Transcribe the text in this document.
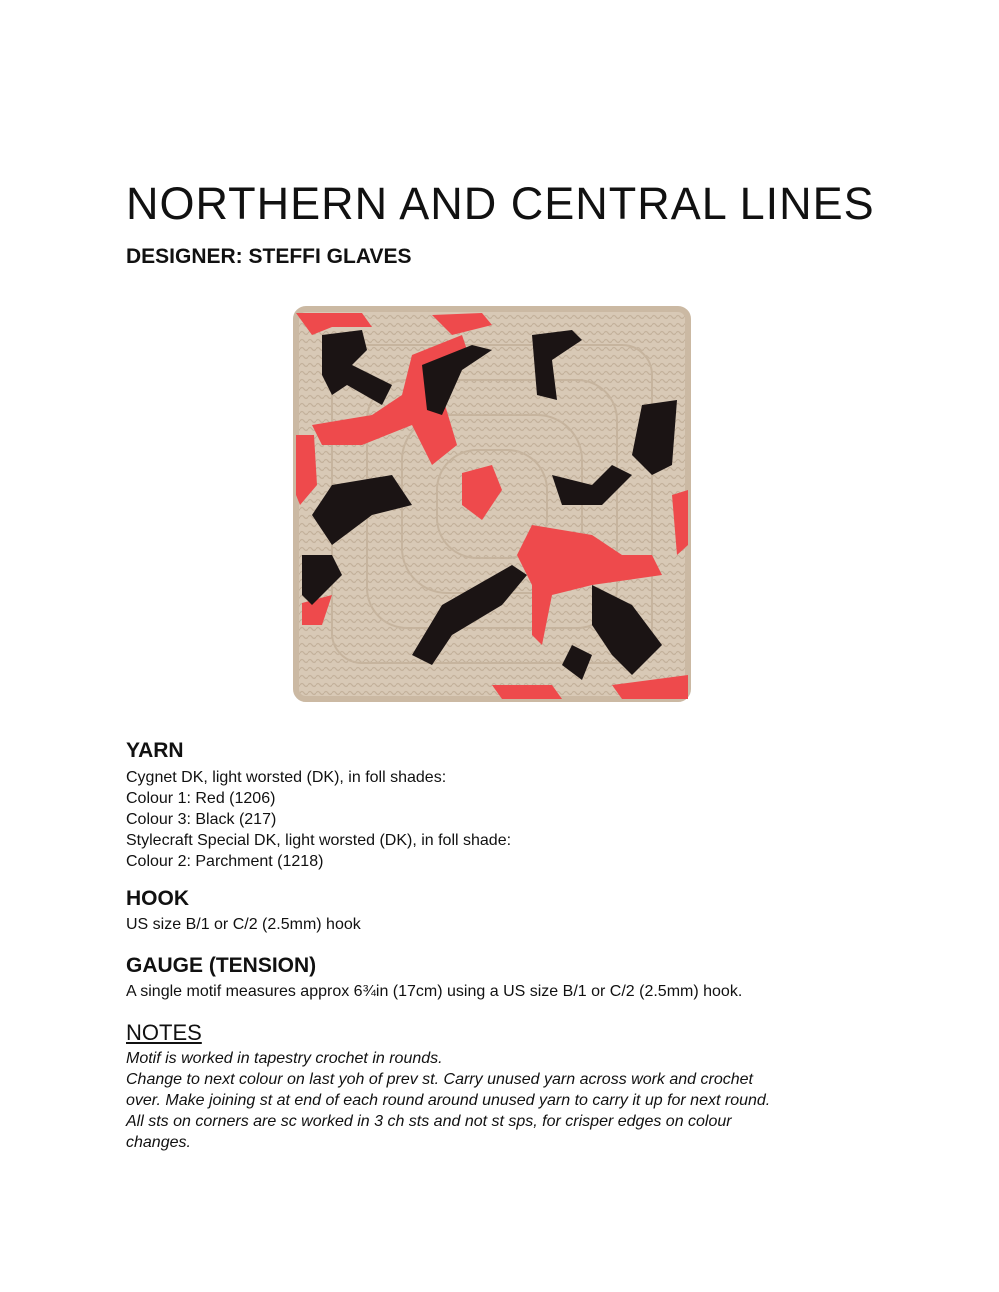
NORTHERN AND CENTRAL LINES
DESIGNER: STEFFI GLAVES
YARN

Cygnet DK, light worsted (DK), in foll shades:

Colour 1: Red (1206)

Colour 3: Black (217)

Stylecraft Special DK, light worsted (DK), in foll shade:

Colour 2: Parchment (1218)

HOOK

US size B/1 or C/2 (2.5mm) hook

GAUGE (TENSION)

A single motif measures approx 6¾in (17cm) using a US size B/1 or C/2 (2.5mm) hook.

NOTES

Motif is worked in tapestry crochet in rounds.

Change to next colour on last yoh of prev st. Carry unused yarn across work and crochet

over. Make joining st at end of each round around unused yarn to carry it up for next round.

All sts on corners are sc worked in 3 ch sts and not st sps, for crisper edges on colour

changes.
